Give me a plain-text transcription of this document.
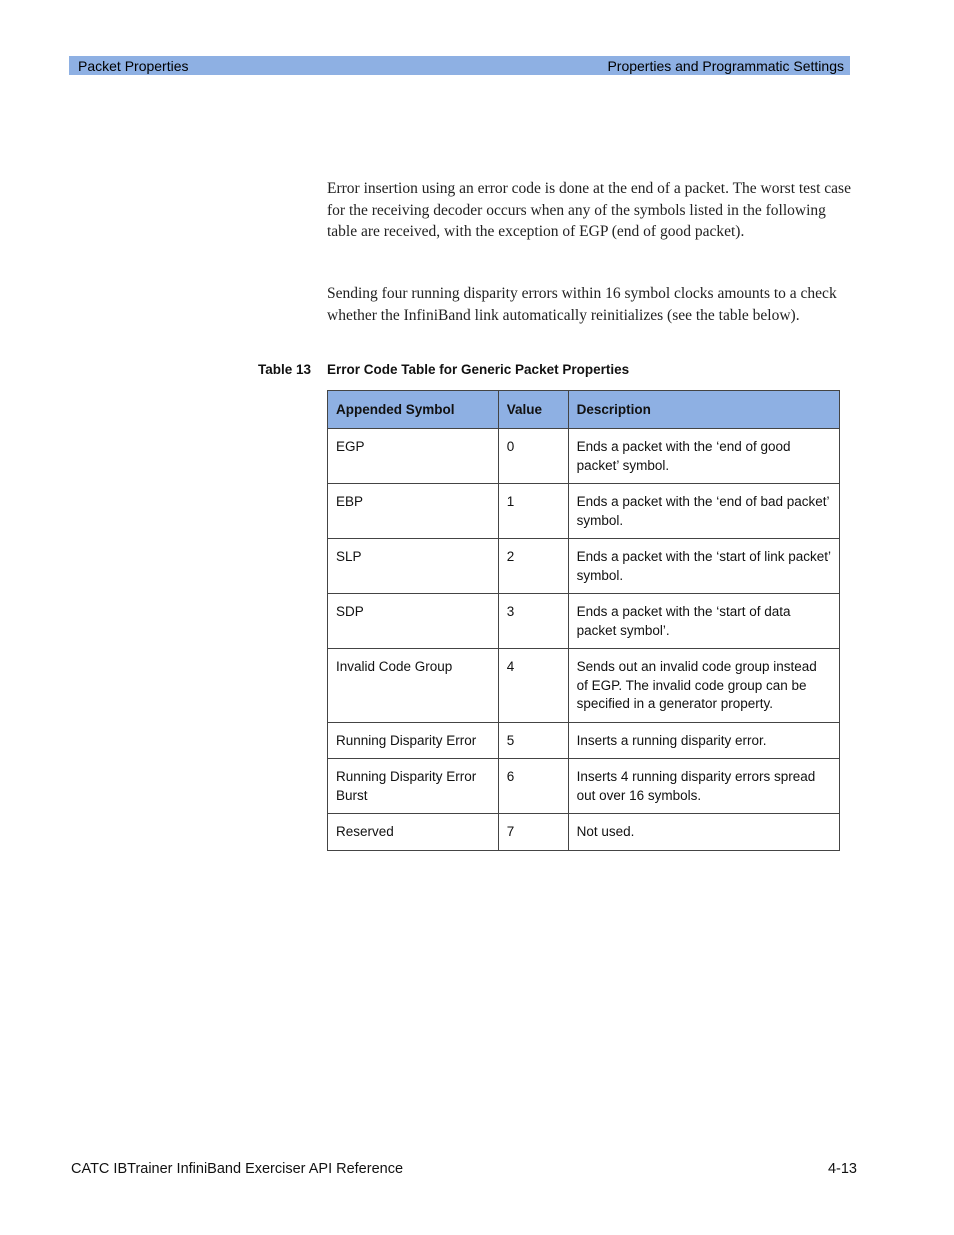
Packet Properties	Properties and Programmatic Settings

Error insertion using an error code is done at the end of a packet. The worst test case for the receiving decoder occurs when any of the symbols listed in the following table are received, with the exception of EGP (end of good packet).

Sending four running disparity errors within 16 symbol clocks amounts to a check whether the InfiniBand link automatically reinitializes (see the table below).

Table 13 Error Code Table for Generic Packet Properties
Appended Symbol	Value	Description
EGP	0	Ends a packet with the ‘end of good packet’ symbol.
EBP	1	Ends a packet with the ‘end of bad packet’ symbol.
SLP	2	Ends a packet with the ‘start of link packet’ symbol.
SDP	3	Ends a packet with the ‘start of data packet symbol’.
Invalid Code Group	4	Sends out an invalid code group instead of EGP. The invalid code group can be specified in a generator property.
Running Disparity Error	5	Inserts a running disparity error.
Running Disparity Error Burst	6	Inserts 4 running disparity errors spread out over 16 symbols.
Reserved	7	Not used.
CATC IBTrainer InfiniBand Exerciser API Reference	4-13
